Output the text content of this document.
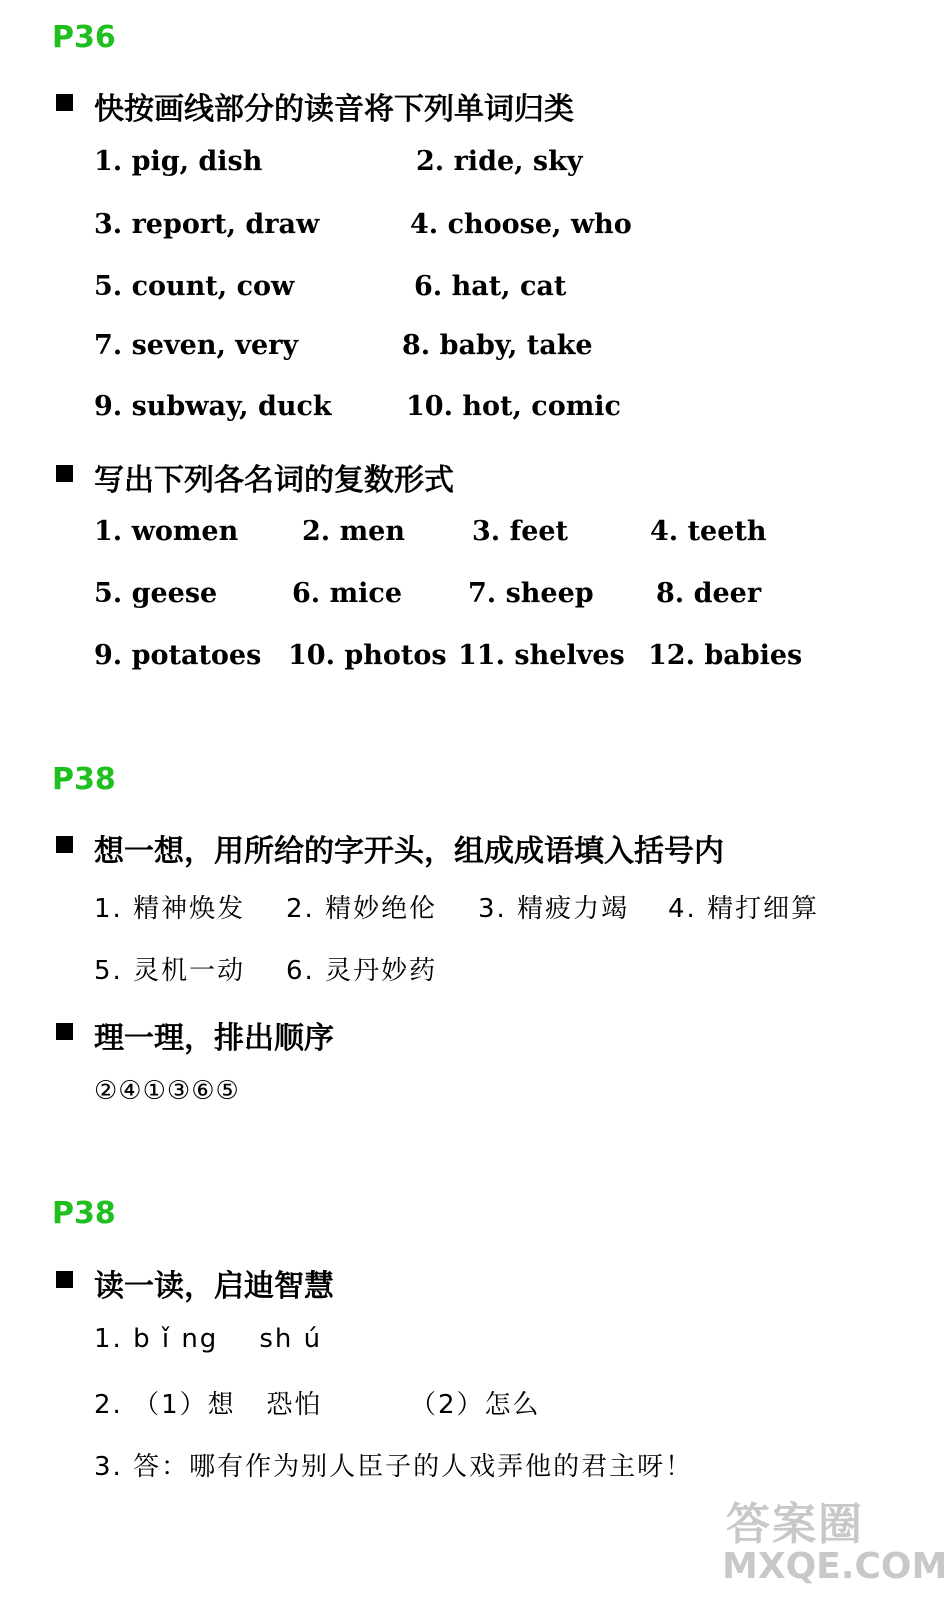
P36
快按画线部分的读音将下列单词归类
1. pig, dish	2. ride, sky
3. report, draw	4. choose, who
5. count, cow	6. hat, cat
7. seven, very	8. baby, take
9. subway, duck	10. hot, comic
写出下列各名词的复数形式
1. women 2. men 3. feet	4. teeth
5. geese	6. mice 7. sheep 8. deer
9. potatoes 10. photos 11. shelves 12. babies
P38
想一想，用所给的字开头，组成成语填入括号内
1. 精神焕发 2. 精妙绝伦 3. 精疲力竭 4. 精打细算
5. 灵机一动 6. 灵丹妙药
理一理，排出顺序
②④①③⑥⑤
P38
读一读，启迪智慧
1. b ǐ ng    sh ú
2. （1）想   恐怕	（2）怎么
3. 答：哪有作为别人臣子的人戏弄他的君主呀！
答案圈
MXQE.COM
